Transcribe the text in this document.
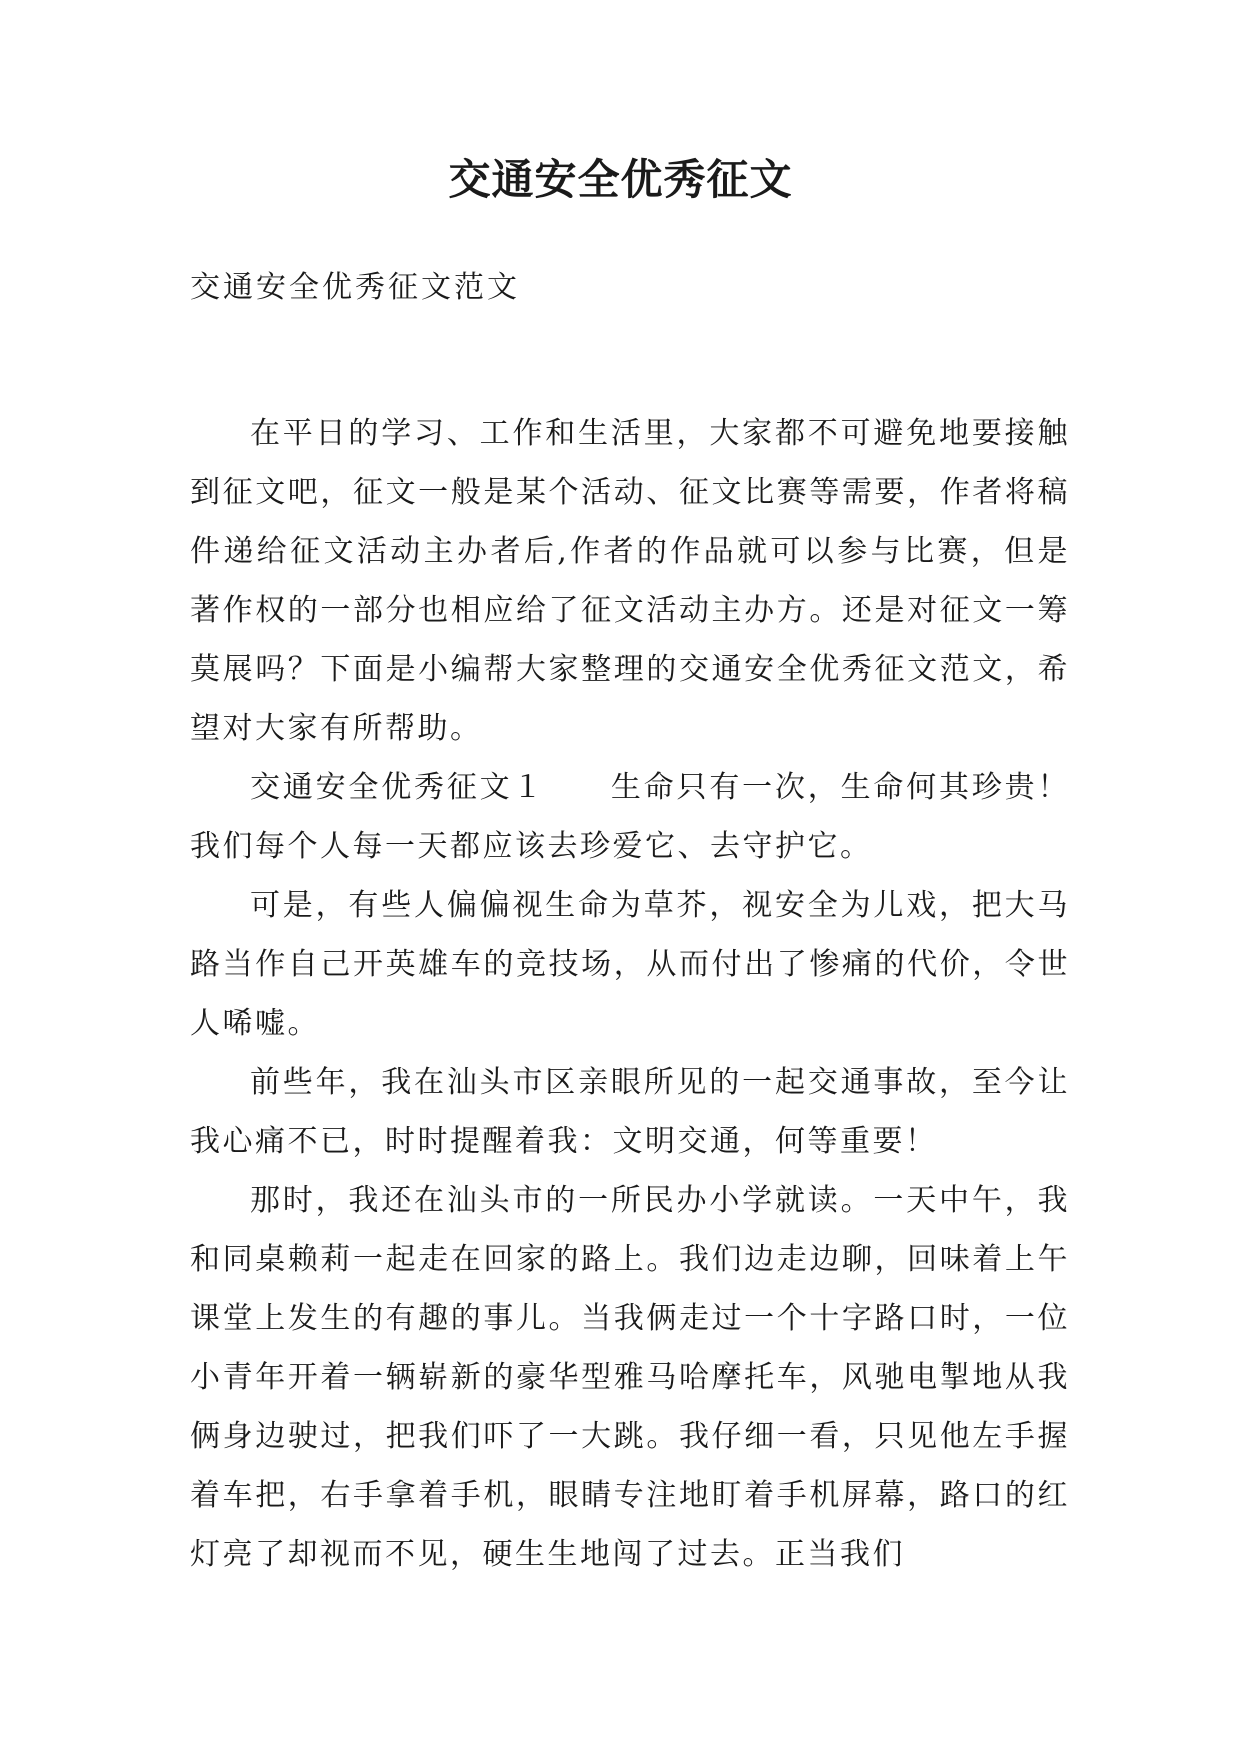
交通安全优秀征文

交通安全优秀征文范文

在平日的学习、工作和生活里，大家都不可避免地要接触到征文吧，征文一般是某个活动、征文比赛等需要，作者将稿件递给征文活动主办者后,作者的作品就可以参与比赛，但是著作权的一部分也相应给了征文活动主办方。还是对征文一筹莫展吗？下面是小编帮大家整理的交通安全优秀征文范文，希望对大家有所帮助。

交通安全优秀征文１　　生命只有一次，生命何其珍贵！我们每个人每一天都应该去珍爱它、去守护它。

可是，有些人偏偏视生命为草芥，视安全为儿戏，把大马路当作自己开英雄车的竞技场，从而付出了惨痛的代价，令世人唏嘘。

前些年，我在汕头市区亲眼所见的一起交通事故，至今让我心痛不已，时时提醒着我：文明交通，何等重要！

那时，我还在汕头市的一所民办小学就读。一天中午，我和同桌赖莉一起走在回家的路上。我们边走边聊，回味着上午课堂上发生的有趣的事儿。当我俩走过一个十字路口时，一位小青年开着一辆崭新的豪华型雅马哈摩托车，风驰电掣地从我俩身边驶过，把我们吓了一大跳。我仔细一看，只见他左手握着车把，右手拿着手机，眼睛专注地盯着手机屏幕，路口的红灯亮了却视而不见，硬生生地闯了过去。正当我们
